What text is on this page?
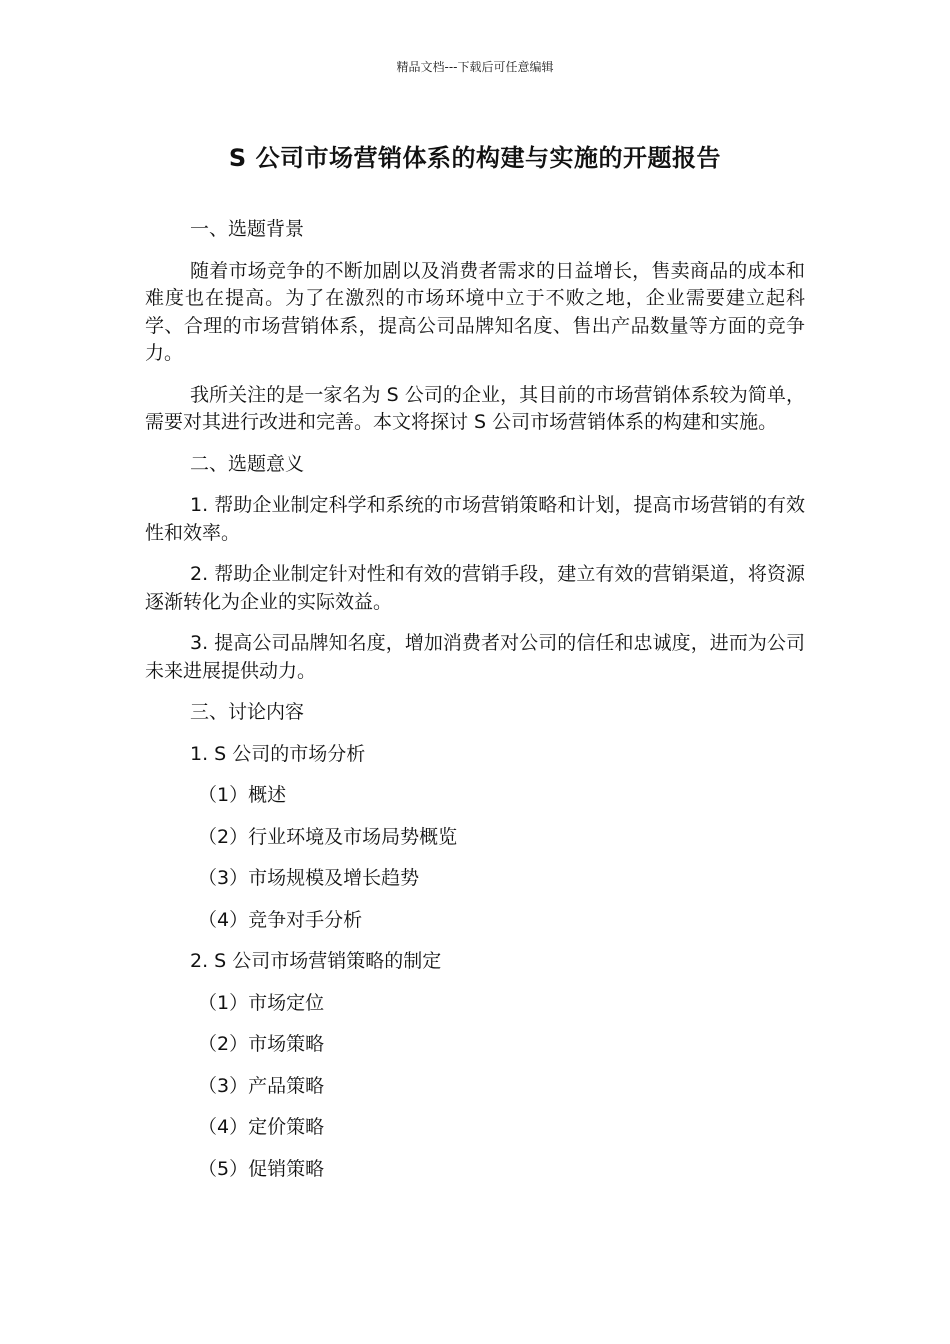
精品文档---下载后可任意编辑
S 公司市场营销体系的构建与实施的开题报告
一、选题背景
随着市场竞争的不断加剧以及消费者需求的日益增长，售卖商品的成本和难度也在提高。为了在激烈的市场环境中立于不败之地，企业需要建立起科学、合理的市场营销体系，提高公司品牌知名度、售出产品数量等方面的竞争力。
我所关注的是一家名为 S 公司的企业，其目前的市场营销体系较为简单，需要对其进行改进和完善。本文将探讨 S 公司市场营销体系的构建和实施。
二、选题意义
1. 帮助企业制定科学和系统的市场营销策略和计划，提高市场营销的有效性和效率。
2. 帮助企业制定针对性和有效的营销手段，建立有效的营销渠道，将资源逐渐转化为企业的实际效益。
3. 提高公司品牌知名度，增加消费者对公司的信任和忠诚度，进而为公司未来进展提供动力。
三、讨论内容
1. S 公司的市场分析
（1）概述
（2）行业环境及市场局势概览
（3）市场规模及增长趋势
（4）竞争对手分析
2. S 公司市场营销策略的制定
（1）市场定位
（2）市场策略
（3）产品策略
（4）定价策略
（5）促销策略
